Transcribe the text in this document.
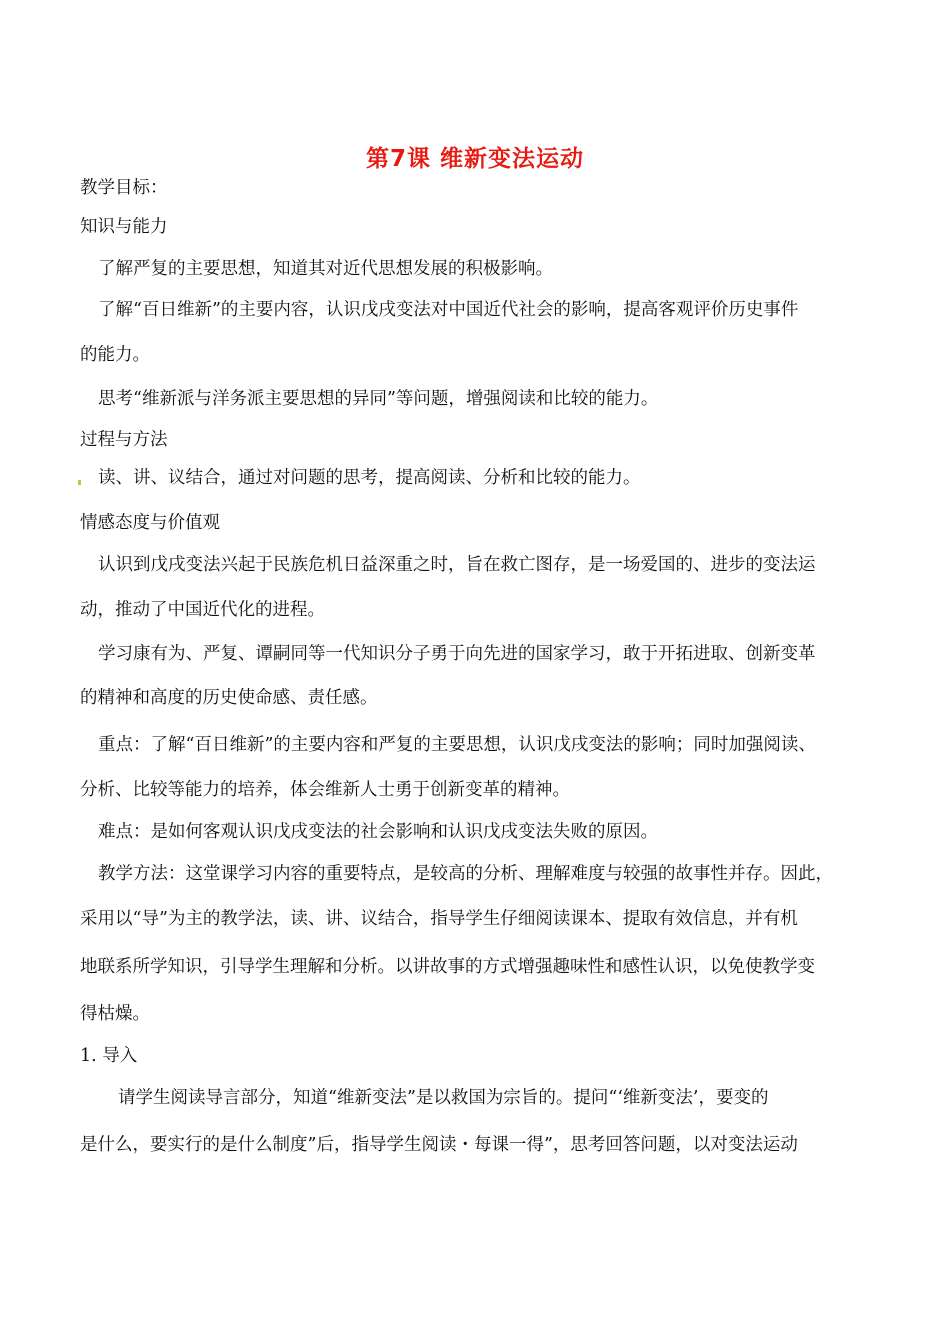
第7课 维新变法运动
教学目标：
知识与能力
了解严复的主要思想，知道其对近代思想发展的积极影响。
了解“百日维新”的主要内容，认识戊戌变法对中国近代社会的影响，提高客观评价历史事件
的能力。
思考“维新派与洋务派主要思想的异同”等问题，增强阅读和比较的能力。
过程与方法
读、讲、议结合，通过对问题的思考，提高阅读、分析和比较的能力。
情感态度与价值观
认识到戊戌变法兴起于民族危机日益深重之时，旨在救亡图存，是一场爱国的、进步的变法运
动，推动了中国近代化的进程。
学习康有为、严复、谭嗣同等一代知识分子勇于向先进的国家学习，敢于开拓进取、创新变革
的精神和高度的历史使命感、责任感。
重点：了解“百日维新”的主要内容和严复的主要思想，认识戊戌变法的影响；同时加强阅读、
分析、比较等能力的培养，体会维新人士勇于创新变革的精神。
难点：是如何客观认识戊戌变法的社会影响和认识戊戌变法失败的原因。
教学方法：这堂课学习内容的重要特点，是较高的分析、理解难度与较强的故事性并存。因此，
采用以“导”为主的教学法，读、讲、议结合，指导学生仔细阅读课本、提取有效信息，并有机
地联系所学知识，引导学生理解和分析。以讲故事的方式增强趣味性和感性认识，以免使教学变
得枯燥。
1. 导入
请学生阅读导言部分，知道“维新变法”是以救国为宗旨的。提问“‘维新变法’，要变的
是什么，要实行的是什么制度”后，指导学生阅读・每课一得”，思考回答问题，以对变法运动
